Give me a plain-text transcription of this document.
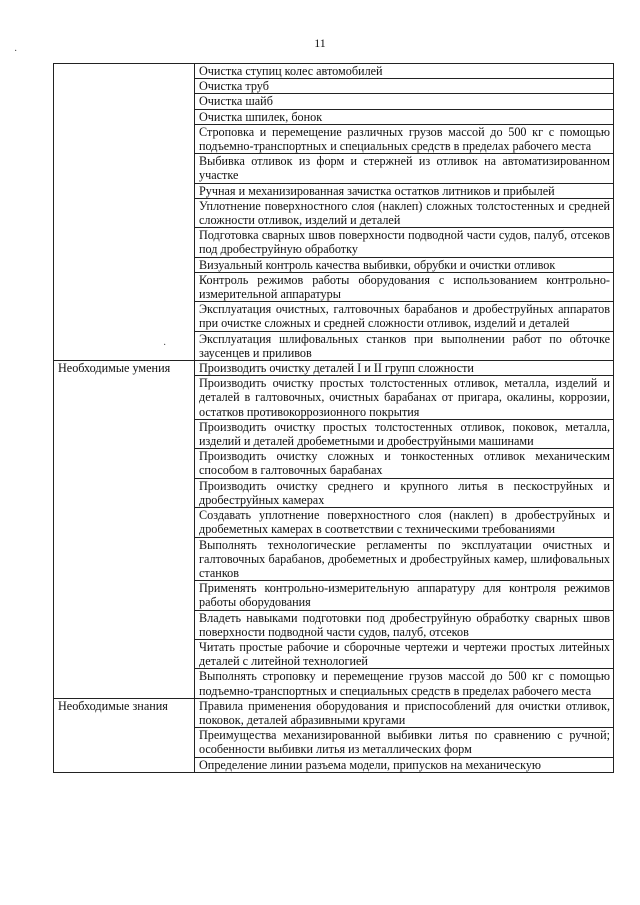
11
·
·
	Очистка ступиц колес автомобилей
	Очистка труб
	Очистка шайб
	Очистка шпилек, бонок
	Строповка и перемещение различных грузов массой до 500 кг с помощью подъемно-транспортных и специальных средств в пределах рабочего места
	Выбивка отливок из форм и стержней из отливок на автоматизированном участке
	Ручная и механизированная зачистка остатков литников и прибылей
	Уплотнение поверхностного слоя (наклеп) сложных толстостенных и средней сложности отливок, изделий и деталей
	Подготовка сварных швов поверхности подводной части судов, палуб, отсеков под дробеструйную обработку
	Визуальный контроль качества выбивки, обрубки и очистки отливок
	Контроль режимов работы оборудования с использованием контрольно-измерительной аппаратуры
	Эксплуатация очистных, галтовочных барабанов и дробеструйных аппаратов при очистке сложных и средней сложности отливок, изделий и деталей
	Эксплуатация шлифовальных станков при выполнении работ по обточке заусенцев и приливов
Необходимые умения	Производить очистку деталей I и II групп сложности
	Производить очистку простых толстостенных отливок, металла, изделий и деталей в галтовочных, очистных барабанах от пригара, окалины, коррозии, остатков противокоррозионного покрытия
	Производить очистку простых толстостенных отливок, поковок, металла, изделий и деталей дробеметными и дробеструйными машинами
	Производить очистку сложных и тонкостенных отливок механическим способом в галтовочных барабанах
	Производить очистку среднего и крупного литья в пескоструйных и дробеструйных камерах
	Создавать уплотнение поверхностного слоя (наклеп) в дробеструйных и дробеметных камерах в соответствии с техническими требованиями
	Выполнять технологические регламенты по эксплуатации очистных и галтовочных барабанов, дробеметных и дробеструйных камер, шлифовальных станков
	Применять контрольно-измерительную аппаратуру для контроля режимов работы оборудования
	Владеть навыками подготовки под дробеструйную обработку сварных швов поверхности подводной части судов, палуб, отсеков
	Читать простые рабочие и сборочные чертежи и чертежи простых литейных деталей с литейной технологией
	Выполнять строповку и перемещение грузов массой до 500 кг с помощью подъемно-транспортных и специальных средств в пределах рабочего места
Необходимые знания	Правила применения оборудования и приспособлений для очистки отливок, поковок, деталей абразивными кругами
	Преимущества механизированной выбивки литья по сравнению с ручной; особенности выбивки литья из металлических форм
	Определение линии разъема модели, припусков на механическую
